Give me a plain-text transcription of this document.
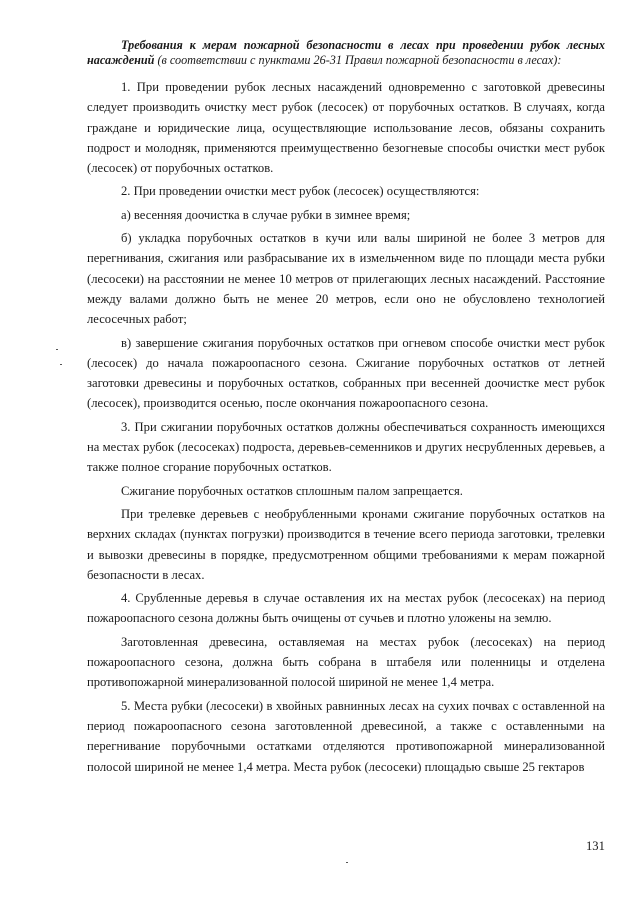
Требования к мерам пожарной безопасности в лесах при проведении рубок лесных насаждений (в соответствии с пунктами 26-31 Правил пожарной безопасности в лесах):

1. При проведении рубок лесных насаждений одновременно с заготовкой древесины следует производить очистку мест рубок (лесосек) от порубочных остатков. В случаях, когда граждане и юридические лица, осуществляющие использование лесов, обязаны сохранить подрост и молодняк, применяются преимущественно безогневые способы очистки мест рубок (лесосек) от порубочных остатков.

2. При проведении очистки мест рубок (лесосек) осуществляются:

а) весенняя доочистка в случае рубки в зимнее время;

б) укладка порубочных остатков в кучи или валы шириной не более 3 метров для перегнивания, сжигания или разбрасывание их в измельченном виде по площади места рубки (лесосеки) на расстоянии не менее 10 метров от прилегающих лесных насаждений. Расстояние между валами должно быть не менее 20 метров, если оно не обусловлено технологией лесосечных работ;

в) завершение сжигания порубочных остатков при огневом способе очистки мест рубок (лесосек) до начала пожароопасного сезона. Сжигание порубочных остатков от летней заготовки древесины и порубочных остатков, собранных при весенней доочистке мест рубок (лесосек), производится осенью, после окончания пожароопасного сезона.

3. При сжигании порубочных остатков должны обеспечиваться сохранность имеющихся на местах рубок (лесосеках) подроста, деревьев-семенников и других несрубленных деревьев, а также полное сгорание порубочных остатков.

Сжигание порубочных остатков сплошным палом запрещается.

При трелевке деревьев с необрубленными кронами сжигание порубочных остатков на верхних складах (пунктах погрузки) производится в течение всего периода заготовки, трелевки и вывозки древесины в порядке, предусмотренном общими требованиями к мерам пожарной безопасности в лесах.

4. Срубленные деревья в случае оставления их на местах рубок (лесосеках) на период пожароопасного сезона должны быть очищены от сучьев и плотно уложены на землю.

Заготовленная древесина, оставляемая на местах рубок (лесосеках) на период пожароопасного сезона, должна быть собрана в штабеля или поленницы и отделена противопожарной минерализованной полосой шириной не менее 1,4 метра.

5. Места рубки (лесосеки) в хвойных равнинных лесах на сухих почвах с оставленной на период пожароопасного сезона заготовленной древесиной, а также с оставленными на перегнивание порубочными остатками отделяются противопожарной минерализованной полосой шириной не менее 1,4 метра. Места рубок (лесосеки) площадью свыше 25 гектаров

131
